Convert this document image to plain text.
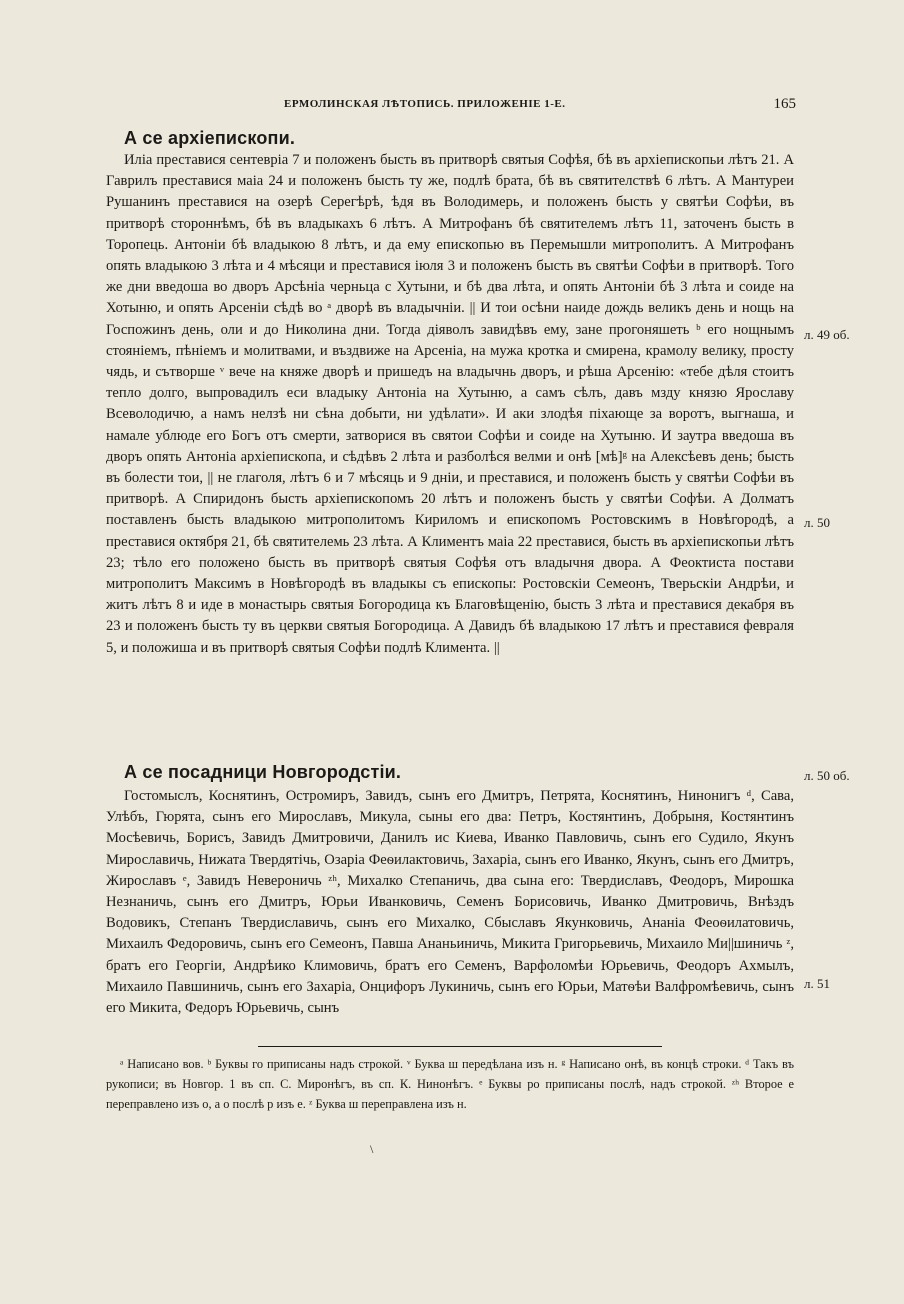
ЕРМОЛИНСКАЯ ЛѢТОПИСЬ. ПРИЛОЖЕНІЕ 1-Е.	165
А се архіепископи.

Иліа преставися сентевріа 7 и положенъ бысть въ притворѣ святыя Софѣя, бѣ въ архіепископьи лѣтъ 21. А Гаврилъ преставися маіа 24 и положенъ бысть ту же, подлѣ брата, бѣ въ святителствѣ 6 лѣтъ. А Мантуреи Рушанинъ преставися на озерѣ Серегѣрѣ, ѣдя въ Володимерь, и положенъ бысть у святѣи Софѣи, въ притворѣ стороннѣмъ, бѣ въ владыкахъ 6 лѣтъ. А Митрофанъ бѣ святителемъ лѣтъ 11, заточенъ бысть в Торопець. Антоніи бѣ владыкою 8 лѣтъ, и да ему епископью въ Перемышли митрополитъ. А Митрофанъ опять владыкою 3 лѣта и 4 мѣсяци и преставися іюля 3 и положенъ бысть въ святѣи Софѣи в притворѣ. Того же дни введоша во дворъ Арсѣніа черньца с Хутыни, и бѣ два лѣта, и опять Антоніи бѣ 3 лѣта и соиде на Хотыню, и опять Арсеніи сѣдѣ во ᵃ дворѣ въ владычнiи. || И тои осѣни наиде дождь великъ день и нощь на Госпожинъ день, оли и до Николина дни. Тогда діяволъ завидѣвъ ему, зане прогоняшеть ᵇ его нощнымъ стояніемъ, пѣніемъ и молитвами, и въздвиже на Арсеніа, на мужа кротка и смирена, крамолу велику, просту чядь, и сътворше ᵛ вече на княже дворѣ и пришедъ на владычнь дворъ, и рѣша Арсенію: «тебе дѣля стоитъ тепло долго, выпровадилъ еси владыку Антоніа на Хутыню, а самъ сѣлъ, давъ мзду князю Ярославу Всеволодичю, а намъ нелзѣ ни сѣна добыти, ни удѣлати». И аки злодѣя піхающе за воротъ, выгнаша, и намале ублюде его Богъ отъ смерти, затворися въ святои Софѣи и соиде на Хутыню. И заутра введоша въ дворъ опять Антоніа архіепископа, и сѣдѣвъ 2 лѣта и разболѣся велми и онѣ [мѣ]ᵍ на Алексѣевъ день; бысть въ болести тои, || не глаголя, лѣтъ 6 и 7 мѣсяць и 9 дніи, и преставися, и положенъ бысть у святѣи Софѣи въ притворѣ. А Спиридонъ бысть архіепископомъ 20 лѣтъ и положенъ бысть у святѣи Софѣи. А Долматъ поставленъ бысть владыкою митрополитомъ Кириломъ и епископомъ Ростовскимъ в Новѣгородѣ, а преставися октября 21, бѣ святителемь 23 лѣта. А Климентъ маіа 22 преставися, бысть въ архіепископьи лѣтъ 23; тѣло его положено бысть въ притворѣ святыя Софѣя отъ владычня двора. А Феоктиста постави митрополитъ Максимъ в Новѣгородѣ въ владыкы съ епископы: Ростовскіи Семеонъ, Тверьскіи Андрѣи, и житъ лѣтъ 8 и иде в монастырь святыя Богородица къ Благовѣщенію, бысть 3 лѣта и преставися декабря въ 23 и положенъ бысть ту въ церкви святыя Богородица. А Давидъ бѣ владыкою 17 лѣтъ и преставися февраля 5, и положиша и въ притворѣ святыя Софѣи подлѣ Климента. ||

А се посадници Новгородстіи.

Гостомыслъ, Коснятинъ, Остромиръ, Завидъ, сынъ его Дмитръ, Петрята, Коснятинъ, Нинонигъ ᵈ, Сава, Улѣбъ, Гюрята, сынъ его Мирославъ, Микула, сыны его два: Петръ, Костянтинъ, Добрыня, Костянтинъ Мосѣевичь, Борисъ, Завидъ Дмитровичи, Данилъ ис Киева, Иванко Павловичь, сынъ его Судило, Якунъ Мирославичь, Нижата Твердятічь, Озаріа Феѳилактовичь, Захаріа, сынъ его Иванко, Якунъ, сынъ его Дмитръ, Жирославъ ᵉ, Завидъ Невероничь ᶻʰ, Михалко Степаничь, два сына его: Твердиславъ, Феодоръ, Мирошка Незнаничь, сынъ его Дмитръ, Юрьи Иванковичь, Семенъ Борисовичь, Иванко Дмитровичь, Внѣздъ Водовикъ, Степанъ Твердиславичь, сынъ его Михалко, Сбыславъ Якунковичь, Ананіа Феоѳилатовичь, Михаилъ Федоровичь, сынъ его Семеонъ, Павша Ананьиничь, Микита Григорьевичь, Михаило Ми||шиничь ᶻ, братъ его Георгіи, Андрѣико Климовичь, братъ его Семенъ, Варфоломѣи Юрьевичь, Феодоръ Ахмылъ, Михаило Павшиничь, сынъ его Захаріа, Онцифоръ Лукиничь, сынъ его Юрьи, Матѳѣи Валфромѣевичь, сынъ его Микита, Федоръ Юрьевичь, сынъ

л. 49 об.
л. 50
л. 50 об.
л. 51

ᵃ Написано вов. ᵇ Буквы го приписаны надъ строкой. ᵛ Буква ш передѣлана изъ н. ᵍ Написано онѣ, въ концѣ строки. ᵈ Такъ въ рукописи; въ Новгор. 1 въ сп. С. Миронѣгъ, въ сп. К. Нинонѣгъ. ᵉ Буквы ро приписаны послѣ, надъ строкой. ᶻʰ Второе е переправлено изъ о, а о послѣ р изъ е. ᶻ Буква ш переправлена изъ н.

\
